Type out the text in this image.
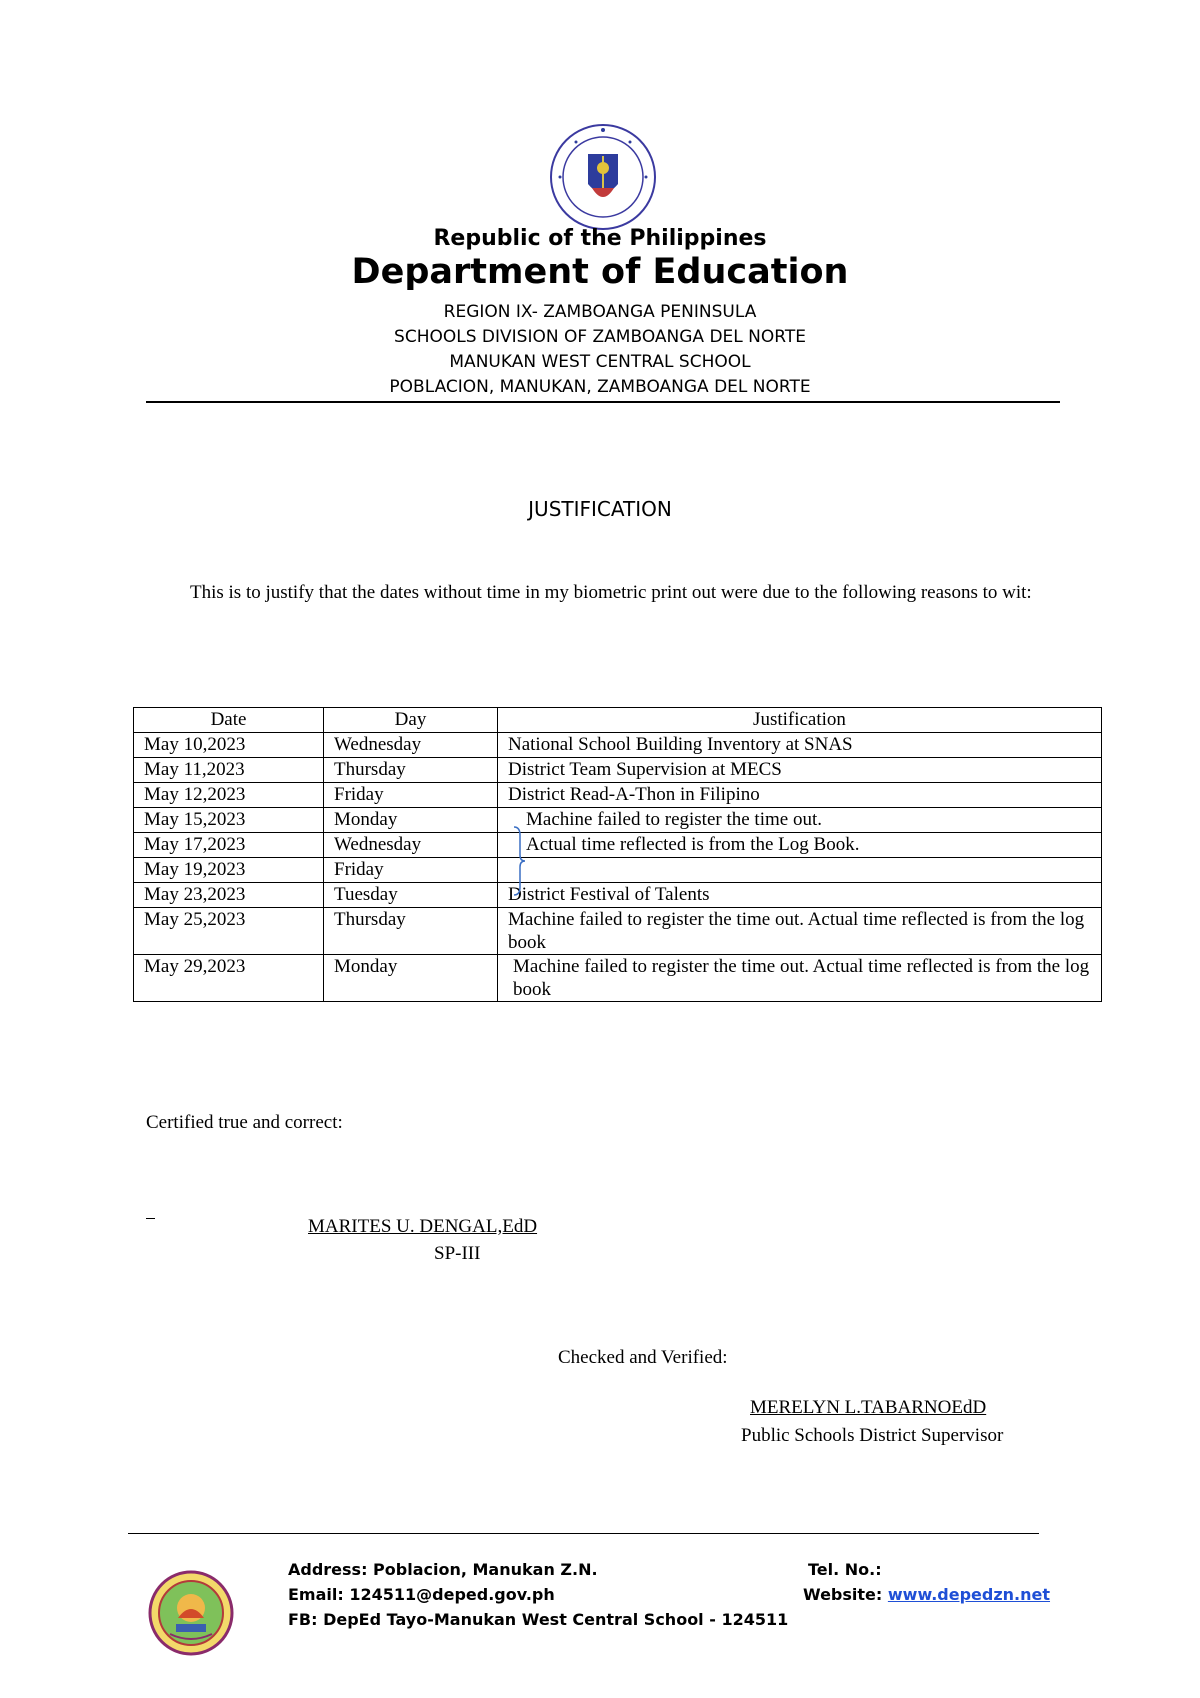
Republic of the Philippines
Department of Education
REGION IX- ZAMBOANGA PENINSULA
SCHOOLS DIVISION OF ZAMBOANGA DEL NORTE
MANUKAN WEST CENTRAL SCHOOL
POBLACION, MANUKAN, ZAMBOANGA DEL NORTE
JUSTIFICATION
This is to justify that the dates without time in my biometric print out were due to the following reasons to wit:
Date	Day	Justification
May 10,2023	Wednesday	National School Building Inventory at SNAS
May 11,2023	Thursday	District Team Supervision at MECS
May 12,2023	Friday	District Read-A-Thon in Filipino
May 15,2023	Monday	Machine failed to register the time out.
May 17,2023	Wednesday	Actual time reflected is from the Log Book.
May 19,2023	Friday	
May 23,2023	Tuesday	District Festival of Talents
May 25,2023	Thursday	Machine failed to register the time out. Actual time reflected is from the log book
May 29,2023	Monday	Machine failed to register the time out. Actual time reflected is from the log book
Certified true and correct:
MARITES U. DENGAL,EdD
SP-III
Checked and Verified:
MERELYN L.TABARNOEdD
Public Schools District Supervisor
Address: Poblacion, Manukan Z.N.
Email: 124511@deped.gov.ph
FB: DepEd Tayo-Manukan West Central School - 124511
Tel. No.:
Website: www.depedzn.net
